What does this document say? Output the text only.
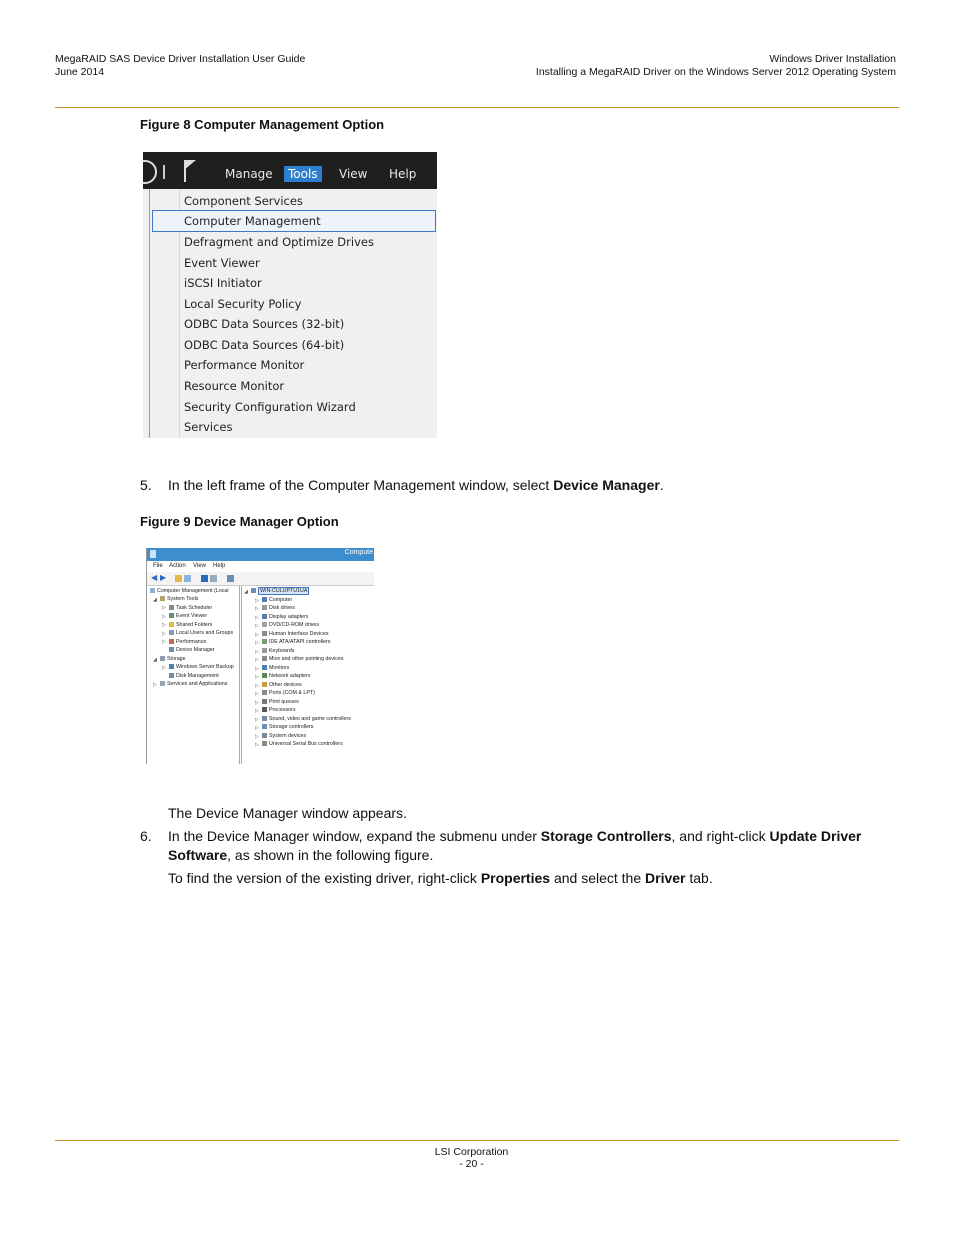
MegaRAID SAS Device Driver Installation User Guide
June 2014
Windows Driver Installation
Installing a MegaRAID Driver on the Windows Server 2012 Operating System
Figure 8 Computer Management Option
Manage	Tools	View Help
Component Services
Computer Management
Defragment and Optimize Drives
Event Viewer
iSCSI Initiator
Local Security Policy
ODBC Data Sources (32-bit)
ODBC Data Sources (64-bit)
Performance Monitor
Resource Monitor
Security Configuration Wizard
Services
5. In the left frame of the Computer Management window, select Device Manager.
Figure 9 Device Manager Option
Compute
File Action View Help
◀ ▶
Computer Management (Local
◢	System Tools
▷	Task Scheduler
▷	Event Viewer
▷	Shared Folders
▷	Local Users and Groups
▷	Performance
Device Manager
◢	Storage
▷	Windows Server Backup
Disk Management
▷	Services and Applications
◢	WIN-CULUPTU1UA
▷	Computer
▷	Disk drives
▷	Display adapters
▷	DVD/CD-ROM drives
▷	Human Interface Devices
▷	IDE ATA/ATAPI controllers
▷	Keyboards
▷	Mice and other pointing devices
▷	Monitors
▷	Network adapters
▷	Other devices
▷	Ports (COM & LPT)
▷	Print queues
▷	Processors
▷	Sound, video and game controllers
▷	Storage controllers
▷	System devices
▷	Universal Serial Bus controllers
The Device Manager window appears.
6.	In the Device Manager window, expand the submenu under Storage Controllers, and right-click Update Driver Software, as shown in the following figure.
To find the version of the existing driver, right-click Properties and select the Driver tab.
LSI Corporation
- 20 -
